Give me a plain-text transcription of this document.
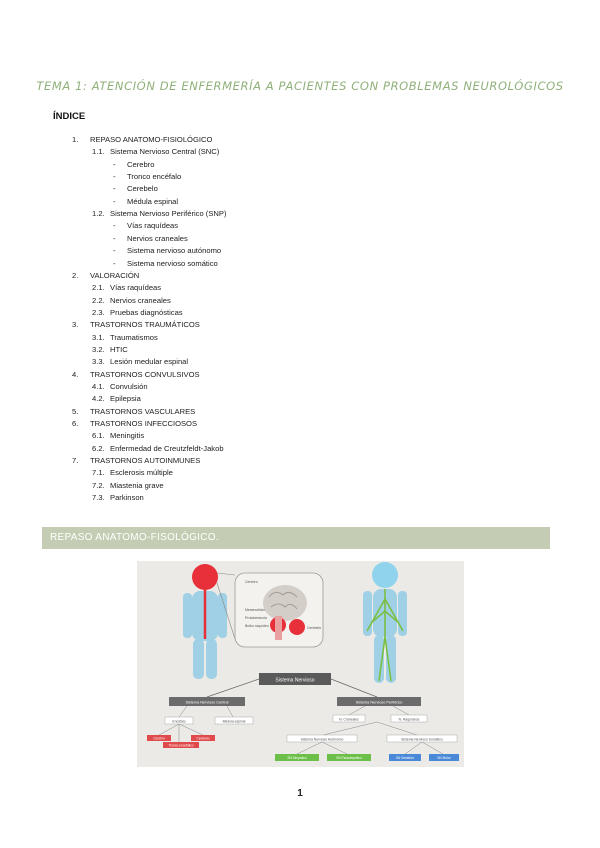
TEMA 1: ATENCIÓN DE ENFERMERÍA A PACIENTES CON PROBLEMAS NEUROLÓGICOS
ÍNDICE
1. REPASO ANATOMO-FISIOLÓGICO
1.1. Sistema Nervioso Central (SNC)
- Cerebro
- Tronco encéfalo
- Cerebelo
- Médula espinal
1.2. Sistema Nervioso Periférico (SNP)
- Vías raquídeas
- Nervios craneales
- Sistema nervioso autónomo
- Sistema nervioso somático
2. VALORACIÓN
2.1. Vías raquídeas
2.2. Nervios craneales
2.3. Pruebas diagnósticas
3. TRASTORNOS TRAUMÁTICOS
3.1. Traumatismos
3.2. HTIC
3.3. Lesión medular espinal
4. TRASTORNOS CONVULSIVOS
4.1. Convulsión
4.2. Epilepsia
5. TRASTORNOS VASCULARES
6. TRASTORNOS INFECCIOSOS
6.1. Meningitis
6.2. Enfermedad de Creutzfeldt-Jakob
7. TRASTORNOS AUTOINMUNES
7.1. Esclerosis múltiple
7.2. Miastenia grave
7.3. Parkinson
REPASO ANATOMO-FISOLÓGICO.
Cerebro
Mesencéfalo
Protuberancia
Bulbo raquídeo	Cerebelo
Sistema Nervioso
Sistema Nervioso Central	Sistema Nervioso Periférico
Encéfalo	Médula espinal
Cerebro	Cerebelo
Tronco encefálico
N. Craneales	N. Raquídeos
Sistema Nervioso Autónomo	Sistema Nervioso Somático
SN Simpático	SN Parasimpático	SN Sensitivo	SN Motor
1
